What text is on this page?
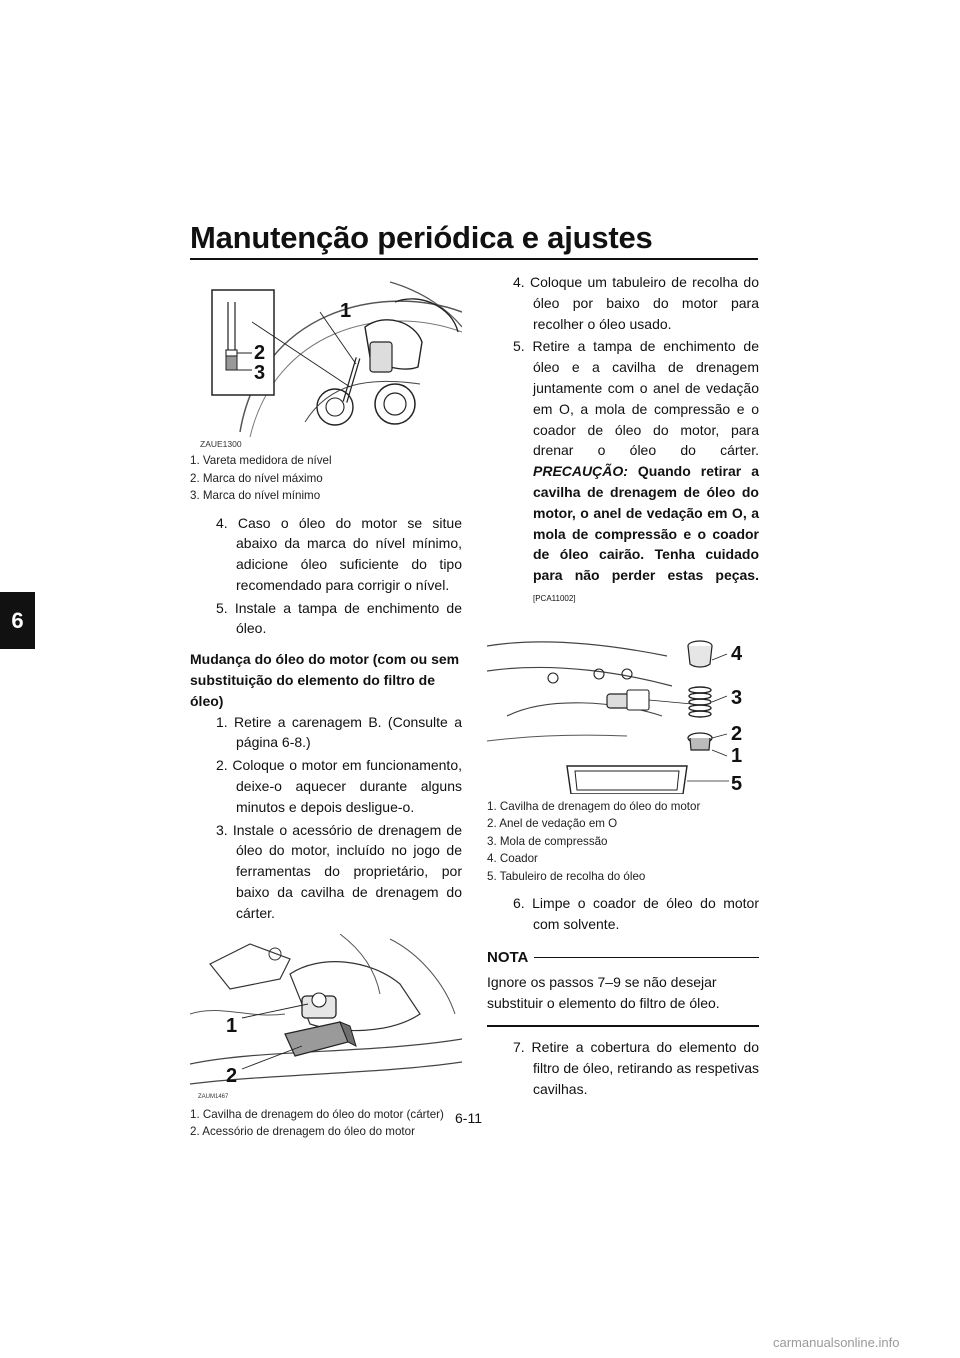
Manutenção periódica e ajustes
6
1
2
3
ZAUE1300
1. Vareta medidora de nível
2. Marca do nível máximo
3. Marca do nível mínimo
4. Caso o óleo do motor se situe abaixo da marca do nível mínimo, adicione óleo suficiente do tipo recomendado para corrigir o nível.
5. Instale a tampa de enchimento de óleo.

Mudança do óleo do motor (com ou sem substituição do elemento do filtro de óleo)

1. Retire a carenagem B. (Consulte a página 6-8.)
2. Coloque o motor em funcionamento, deixe-o aquecer durante alguns minutos e depois desligue-o.
3. Instale o acessório de drenagem de óleo do motor, incluído no jogo de ferramentas do proprietário, por baixo da cavilha de drenagem do cárter.
1
2
ZAUM1467
1. Cavilha de drenagem do óleo do motor (cárter)
2. Acessório de drenagem do óleo do motor
4. Coloque um tabuleiro de recolha do óleo por baixo do motor para recolher o óleo usado.
5. Retire a tampa de enchimento de óleo e a cavilha de drenagem juntamente com o anel de vedação em O, a mola de compressão e o coador de óleo do motor, para drenar o óleo do cárter. PRECAUÇÃO: Quando retirar a cavilha de drenagem de óleo do motor, o anel de vedação em O, a mola de compressão e o coador de óleo cairão. Tenha cuidado para não perder estas peças. [PCA11002]
4
3
2
1
5
1. Cavilha de drenagem do óleo do motor
2. Anel de vedação em O
3. Mola de compressão
4. Coador
5. Tabuleiro de recolha do óleo
6. Limpe o coador de óleo do motor com solvente.
NOTA

Ignore os passos 7–9 se não desejar substituir o elemento do filtro de óleo.

7. Retire a cobertura do elemento do filtro de óleo, retirando as respetivas cavilhas.
6-11
carmanualsonline.info
